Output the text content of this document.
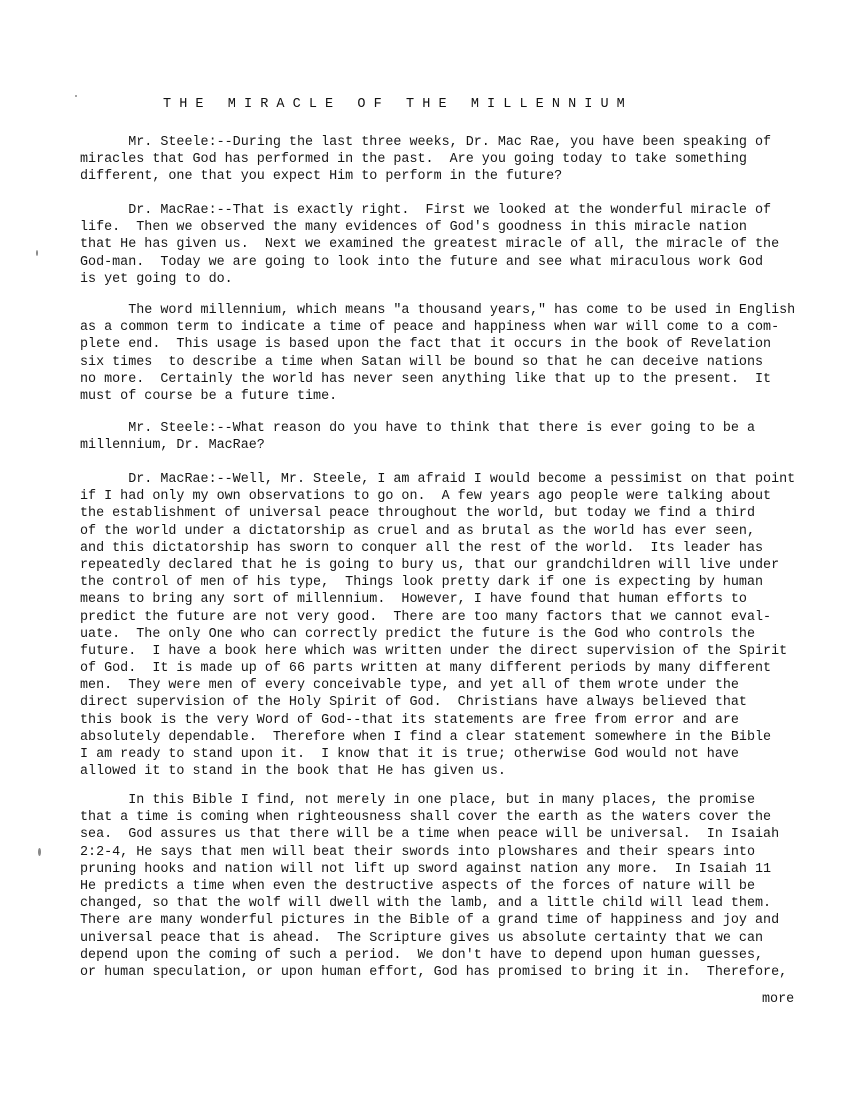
T H E   M I R A C L E   O F   T H E   M I L L E N N I U M
Mr. Steele:--During the last three weeks, Dr. Mac Rae, you have been speaking of
miracles that God has performed in the past.  Are you going today to take something
different, one that you expect Him to perform in the future?
Dr. MacRae:--That is exactly right.  First we looked at the wonderful miracle of
life.  Then we observed the many evidences of God's goodness in this miracle nation
that He has given us.  Next we examined the greatest miracle of all, the miracle of the
God-man.  Today we are going to look into the future and see what miraculous work God
is yet going to do.
The word millennium, which means "a thousand years," has come to be used in English
as a common term to indicate a time of peace and happiness when war will come to a com-
plete end.  This usage is based upon the fact that it occurs in the book of Revelation
six times  to describe a time when Satan will be bound so that he can deceive nations
no more.  Certainly the world has never seen anything like that up to the present.  It
must of course be a future time.
Mr. Steele:--What reason do you have to think that there is ever going to be a
millennium, Dr. MacRae?
Dr. MacRae:--Well, Mr. Steele, I am afraid I would become a pessimist on that point
if I had only my own observations to go on.  A few years ago people were talking about
the establishment of universal peace throughout the world, but today we find a third
of the world under a dictatorship as cruel and as brutal as the world has ever seen,
and this dictatorship has sworn to conquer all the rest of the world.  Its leader has
repeatedly declared that he is going to bury us, that our grandchildren will live under
the control of men of his type,  Things look pretty dark if one is expecting by human
means to bring any sort of millennium.  However, I have found that human efforts to
predict the future are not very good.  There are too many factors that we cannot eval-
uate.  The only One who can correctly predict the future is the God who controls the
future.  I have a book here which was written under the direct supervision of the Spirit
of God.  It is made up of 66 parts written at many different periods by many different
men.  They were men of every conceivable type, and yet all of them wrote under the
direct supervision of the Holy Spirit of God.  Christians have always believed that
this book is the very Word of God--that its statements are free from error and are
absolutely dependable.  Therefore when I find a clear statement somewhere in the Bible
I am ready to stand upon it.  I know that it is true; otherwise God would not have
allowed it to stand in the book that He has given us.
In this Bible I find, not merely in one place, but in many places, the promise
that a time is coming when righteousness shall cover the earth as the waters cover the
sea.  God assures us that there will be a time when peace will be universal.  In Isaiah
2:2-4, He says that men will beat their swords into plowshares and their spears into
pruning hooks and nation will not lift up sword against nation any more.  In Isaiah 11
He predicts a time when even the destructive aspects of the forces of nature will be
changed, so that the wolf will dwell with the lamb, and a little child will lead them.
There are many wonderful pictures in the Bible of a grand time of happiness and joy and
universal peace that is ahead.  The Scripture gives us absolute certainty that we can
depend upon the coming of such a period.  We don't have to depend upon human guesses,
or human speculation, or upon human effort, God has promised to bring it in.  Therefore,
more
